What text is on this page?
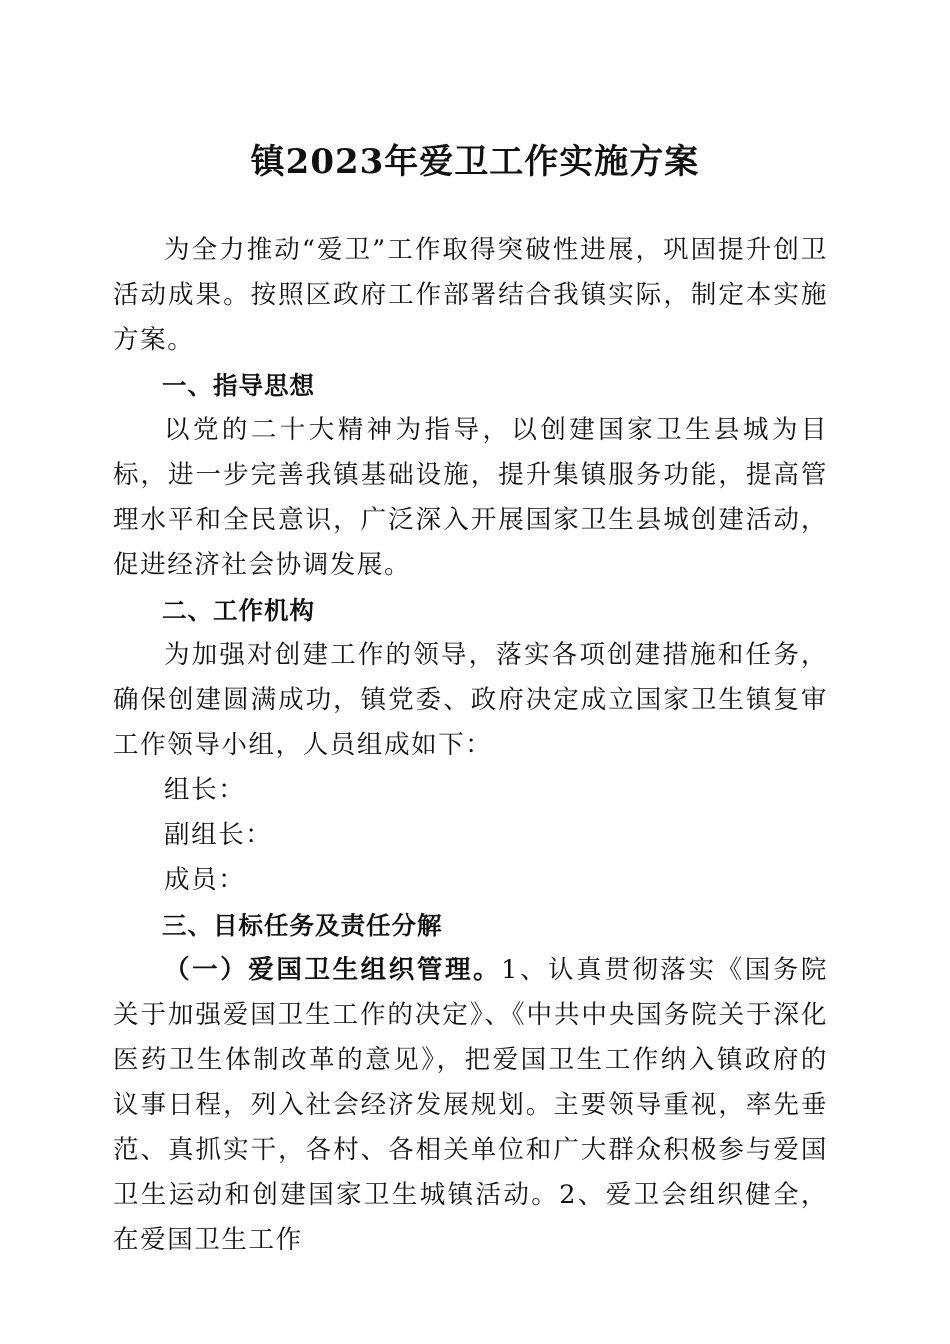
镇2023年爱卫工作实施方案

为全力推动“爱卫”工作取得突破性进展，巩固提升创卫活动成果。按照区政府工作部署结合我镇实际，制定本实施方案。

一、指导思想

以党的二十大精神为指导，以创建国家卫生县城为目标，进一步完善我镇基础设施，提升集镇服务功能，提高管理水平和全民意识，广泛深入开展国家卫生县城创建活动，促进经济社会协调发展。

二、工作机构

为加强对创建工作的领导，落实各项创建措施和任务，确保创建圆满成功，镇党委、政府决定成立国家卫生镇复审工作领导小组，人员组成如下：

组长：

副组长：

成员：

三、目标任务及责任分解

（一）爱国卫生组织管理。1、认真贯彻落实《国务院关于加强爱国卫生工作的决定》、《中共中央国务院关于深化医药卫生体制改革的意见》，把爱国卫生工作纳入镇政府的议事日程，列入社会经济发展规划。主要领导重视，率先垂范、真抓实干，各村、各相关单位和广大群众积极参与爱国卫生运动和创建国家卫生城镇活动。2、爱卫会组织健全，在爱国卫生工作
